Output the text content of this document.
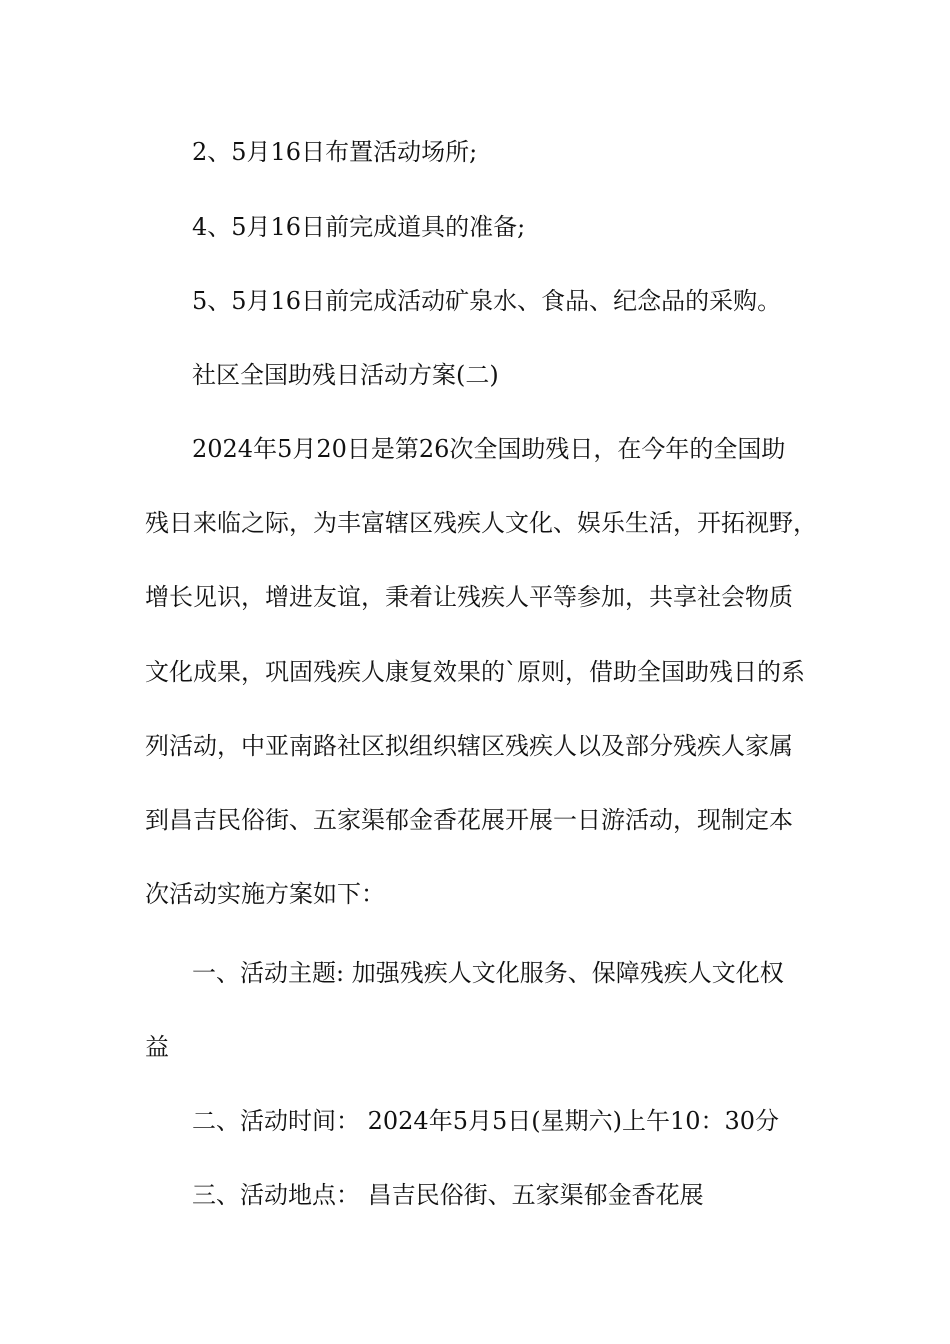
2、5月16日布置活动场所;
4、5月16日前完成道具的准备;
5、5月16日前完成活动矿泉水、食品、纪念品的采购。
社区全国助残日活动方案(二)
2024年5月20日是第26次全国助残日，在今年的全国助
残日来临之际，为丰富辖区残疾人文化、娱乐生活，开拓视野，
增长见识，增进友谊，秉着让残疾人平等参加，共享社会物质
文化成果，巩固残疾人康复效果的`原则，借助全国助残日的系
列活动，中亚南路社区拟组织辖区残疾人以及部分残疾人家属
到昌吉民俗街、五家渠郁金香花展开展一日游活动，现制定本
次活动实施方案如下：
一、活动主题: 加强残疾人文化服务、保障残疾人文化权
益
二、活动时间： 2024年5月5日(星期六)上午10：30分
三、活动地点： 昌吉民俗街、五家渠郁金香花展
